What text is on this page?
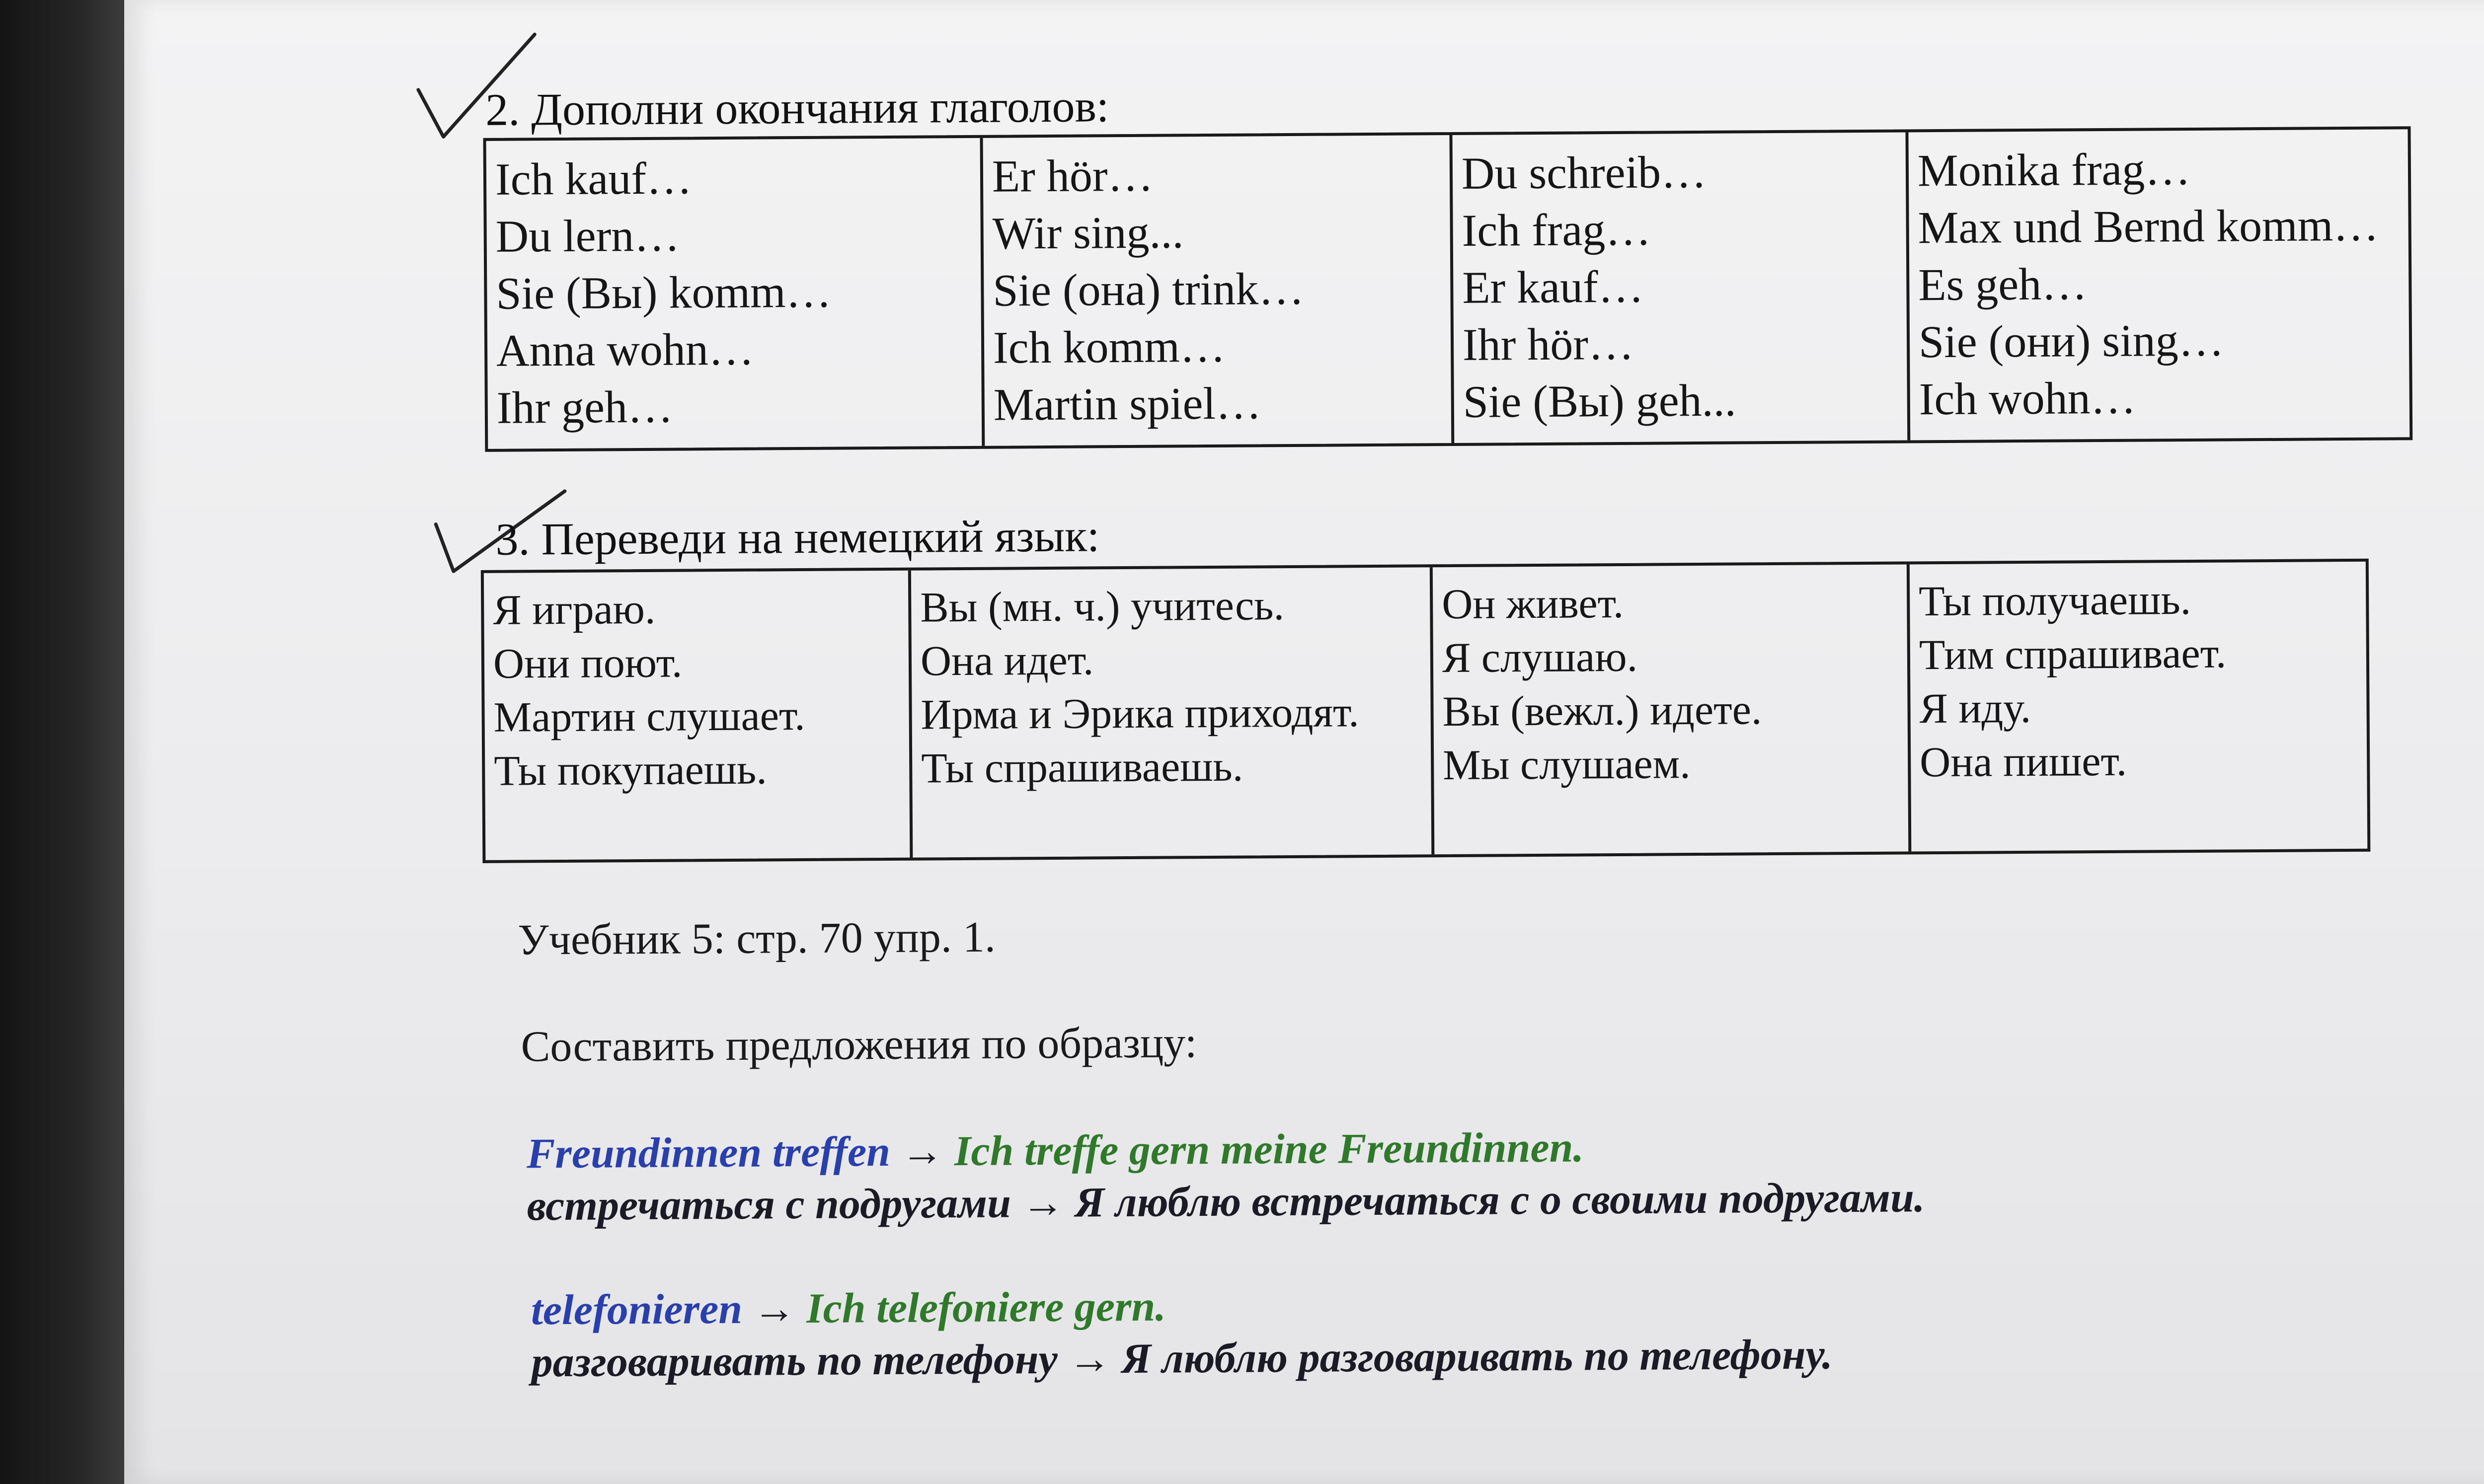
2. Дополни окончания глаголов:
Ich kauf…
Du lern…
Sie (Вы) komm…
Anna wohn…
Ihr geh…
Er hör…
Wir sing...
Sie (она) trink…
Ich komm…
Martin spiel…
Du schreib…
Ich frag…
Er kauf…
Ihr hör…
Sie (Вы) geh...
Monika frag…
Max und Bernd komm…
Es geh…
Sie (они) sing…
Ich wohn…
3. Переведи на немецкий язык:
Я играю.
Они поют.
Мартин слушает.
Ты покупаешь.
Вы (мн. ч.) учитесь.
Она идет.
Ирма и Эрика приходят.
Ты спрашиваешь.
Он живет.
Я слушаю.
Вы (вежл.) идете.
Мы слушаем.
Ты получаешь.
Тим спрашивает.
Я иду.
Она пишет.
Учебник 5: стр. 70 упр. 1.
Составить предложения по образцу:
Freundinnen treffen → Ich treffe gern meine Freundinnen.
встречаться с подругами → Я люблю встречаться с о своими подругами.
telefonieren → Ich telefoniere gern.
разговаривать по телефону → Я люблю разговаривать по телефону.
